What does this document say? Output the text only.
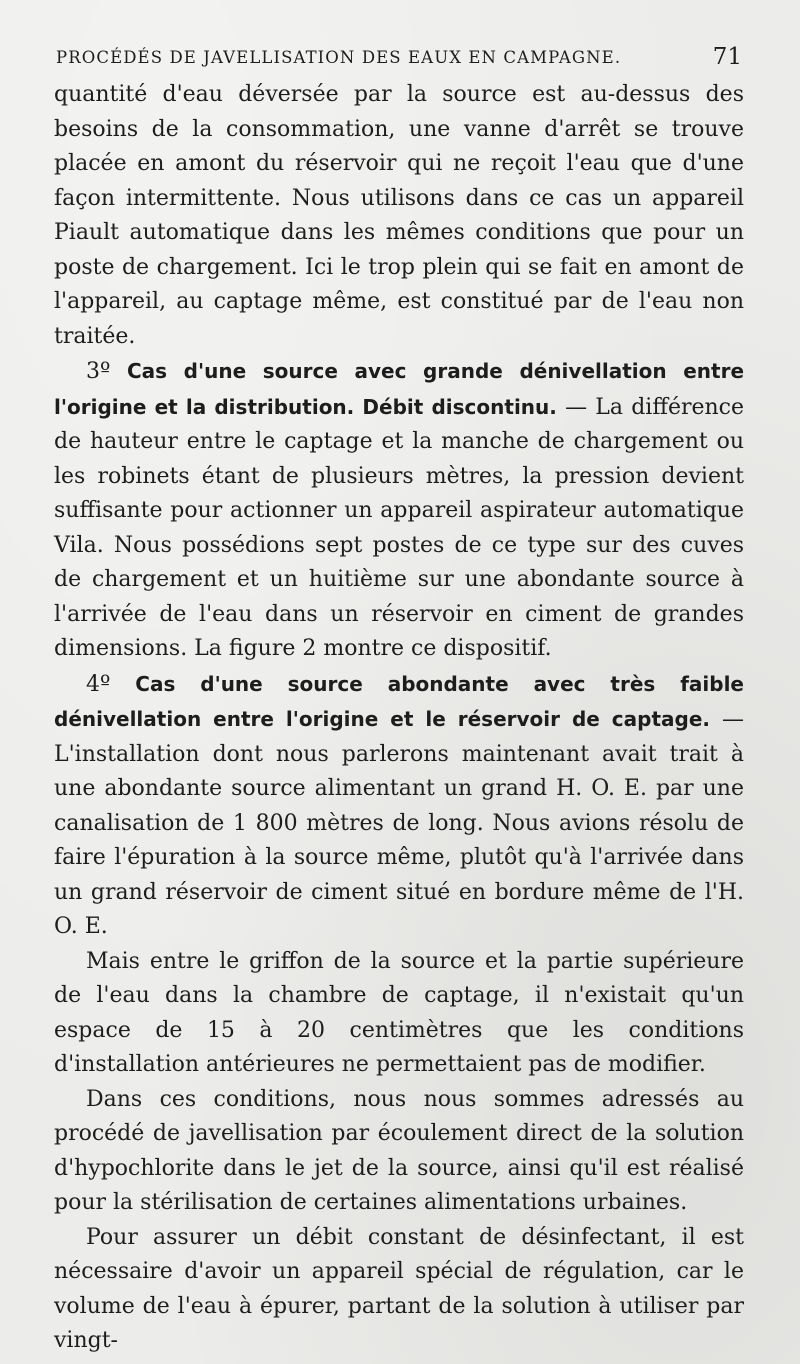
PROCÉDÉS DE JAVELLISATION DES EAUX EN CAMPAGNE.	71

quantité d'eau déversée par la source est au-dessus des besoins de la consommation, une vanne d'arrêt se trouve placée en amont du réservoir qui ne reçoit l'eau que d'une façon intermittente. Nous utilisons dans ce cas un appareil Piault automatique dans les mêmes conditions que pour un poste de chargement. Ici le trop plein qui se fait en amont de l'appareil, au captage même, est constitué par de l'eau non traitée.

3º Cas d'une source avec grande dénivellation entre l'origine et la distribution. Débit discontinu. — La différence de hauteur entre le captage et la manche de chargement ou les robinets étant de plusieurs mètres, la pression devient suffisante pour actionner un appareil aspirateur automatique Vila. Nous possédions sept postes de ce type sur des cuves de chargement et un huitième sur une abondante source à l'arrivée de l'eau dans un réservoir en ciment de grandes dimensions. La figure 2 montre ce dispositif.

4º Cas d'une source abondante avec très faible dénivellation entre l'origine et le réservoir de captage. — L'installation dont nous parlerons maintenant avait trait à une abondante source alimentant un grand H. O. E. par une canalisation de 1 800 mètres de long. Nous avions résolu de faire l'épuration à la source même, plutôt qu'à l'arrivée dans un grand réservoir de ciment situé en bordure même de l'H. O. E.

Mais entre le griffon de la source et la partie supérieure de l'eau dans la chambre de captage, il n'existait qu'un espace de 15 à 20 centimètres que les conditions d'installation antérieures ne permettaient pas de modifier.

Dans ces conditions, nous nous sommes adressés au procédé de javellisation par écoulement direct de la solution d'hypochlorite dans le jet de la source, ainsi qu'il est réalisé pour la stérilisation de certaines alimentations urbaines.

Pour assurer un débit constant de désinfectant, il est nécessaire d'avoir un appareil spécial de régulation, car le volume de l'eau à épurer, partant de la solution à utiliser par vingt-
